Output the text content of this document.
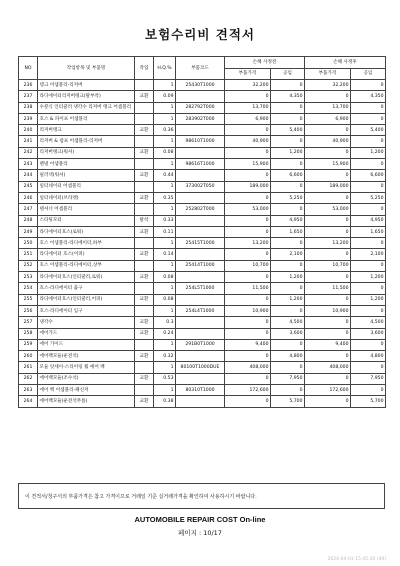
보험수리비 견적서
NO	작업항목 및 부품명	작업	H.Q.%	부품코드	손해 사정전		손해 사정후	
					부품가격	공임	부품가격	공임
236	텡크 어셈블리-리저버		1	25430T1000	32,200	0	32,200	0
237	라디에이터리저버탱크(탈부착)	교환	0.09		0	4,350	0	4,350
238	수분식 인터쿨러 냉각수 리저버 탱크 어셈블리		1	282792T000	13,700	0	13,700	0
239	호스 & 파이프 어셈블리		1	283902T000	6,900	0	6,900	0
240	리저버탱크	교환	0.36		0	5,400	0	5,400
241	리저버 & 펌프 어셈블리-리저버		1	98610T1000	40,900	0	40,900	0
242	리저버탱크(워셔)	교환	0.08		0	1,200	0	1,200
243	펜넬 어셈블리		1	98616T1000	15,900	0	15,900	0
244	필러넥(워셔)	교환	0.44		0	6,600	0	6,600
245	일터네이터 어셈블리		1	373002T050	189,000	0	189,000	0
246	일터네이터(브라켓)	교환	0.35		0	5,250	0	5,250
247	텐셔너 어셈블리		1	252802T000	53,000	0	53,000	0
248	스타팅모터	탈착	0.33		0	4,950	0	4,950
249	라디에이터호스(로워)	교환	0.11		0	1,650	0	1,650
250	호스 어셈블리-라디에이터,하부		1	25415T1000	13,200	0	13,200	0
251	라디에이터 호스(어퍼)	교환	0.14		0	2,100	0	2,100
252	호스 어셈블리-라디에이터,상부		1	25414T1000	10,700	0	10,700	0
253	라디에이터호스(인터쿨러,로워)	교환	0.08		0	1,200	0	1,200
254	호스-라디에이터 출구		1	254L5T1000	11,500	0	11,500	0
255	라디에이터호스(인터쿨러,어퍼)	교환	0.08		0	1,200	0	1,200
256	호스-라디에이터 입구		1	254L4T1000	10,900	0	10,900	0
257	냉각수	교환	0.3		0	4,500	0	4,500
258	에어가드	교환	0.24		0	3,600	0	3,600
259	에어 가이드		1	291B0T1000	9,400	0	9,400	0
260	에어백모듈(운전석)	교환	0.32		0	4,800	0	4,800
261	모듈 앗세이-스티어링 휠 에어 백		1	80100T1000DUE	408,000	0	408,000	0
262	에어백모듈(조수석)	교환	0.53		0	7,950	0	7,950
263	에어 백 어셈블리-패신저		1	80310T1000	172,600	0	172,600	0
264	에어백모듈(운전석무릎)	교환	0.38		0	5,700	0	5,700
이 견적서/청구서의 부품가격은 참고 가격이므로 거래일 기준 실거래가격을 확인하여 사용하시기 바랍니다.
AUTOMOBILE REPAIR COST On-line
페이지 : 10/17
2024-04-03 15:45:30 (49)
